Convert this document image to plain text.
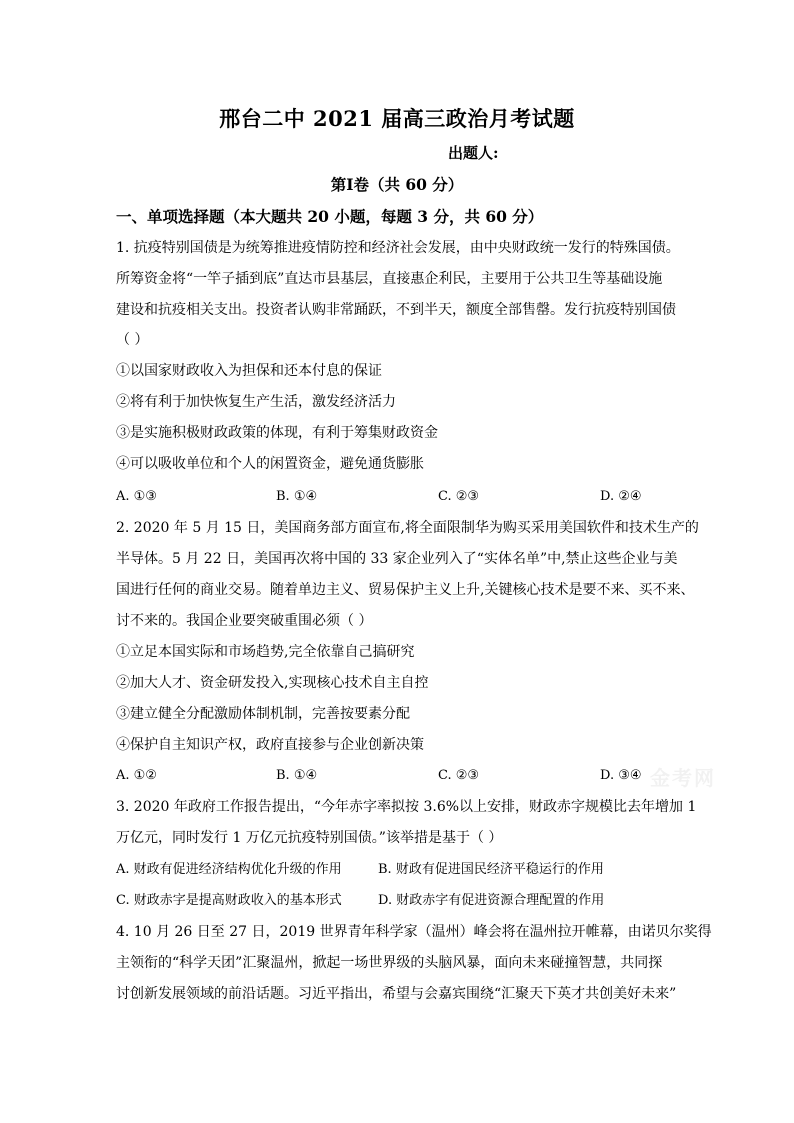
邢台二中 2021 届高三政治月考试题
出题人:
第Ⅰ卷（共 60 分）
一、单项选择题（本大题共 20 小题，每题 3 分，共 60 分）
1. 抗疫特别国债是为统筹推进疫情防控和经济社会发展，由中央财政统一发行的特殊国债。
所筹资金将“一竿子插到底”直达市县基层，直接惠企利民，主要用于公共卫生等基础设施
建设和抗疫相关支出。投资者认购非常踊跃，不到半天，额度全部售罄。发行抗疫特别国债
（ ）
①以国家财政收入为担保和还本付息的保证
②将有利于加快恢复生产生活，激发经济活力
③是实施积极财政政策的体现，有利于筹集财政资金
④可以吸收单位和个人的闲置资金，避免通货膨胀
A. ①③	B. ①④	C. ②③	D. ②④
2. 2020 年 5 月 15 日，美国商务部方面宣布,将全面限制华为购买采用美国软件和技术生产的
半导体。5 月 22 日，美国再次将中国的 33 家企业列入了“实体名单”中,禁止这些企业与美
国进行任何的商业交易。随着单边主义、贸易保护主义上升,关键核心技术是要不来、买不来、
讨不来的。我国企业要突破重围必须（ ）
①立足本国实际和市场趋势,完全依靠自己搞研究
②加大人才、资金研发投入,实现核心技术自主自控
③建立健全分配激励体制机制，完善按要素分配
④保护自主知识产权，政府直接参与企业创新决策
A. ①②	B. ①④	C. ②③	D. ③④ 金考网
3. 2020 年政府工作报告提出，“今年赤字率拟按 3.6%以上安排，财政赤字规模比去年增加 1
万亿元，同时发行 1 万亿元抗疫特别国债。”该举措是基于（ ）
A. 财政有促进经济结构优化升级的作用	B. 财政有促进国民经济平稳运行的作用
C. 财政赤字是提高财政收入的基本形式	D. 财政赤字有促进资源合理配置的作用
4. 10 月 26 日至 27 日，2019 世界青年科学家（温州）峰会将在温州拉开帷幕，由诺贝尔奖得
主领衔的“科学天团”汇聚温州，掀起一场世界级的头脑风暴，面向未来碰撞智慧，共同探
讨创新发展领域的前沿话题。习近平指出，希望与会嘉宾围绕“汇聚天下英才共创美好未来”
